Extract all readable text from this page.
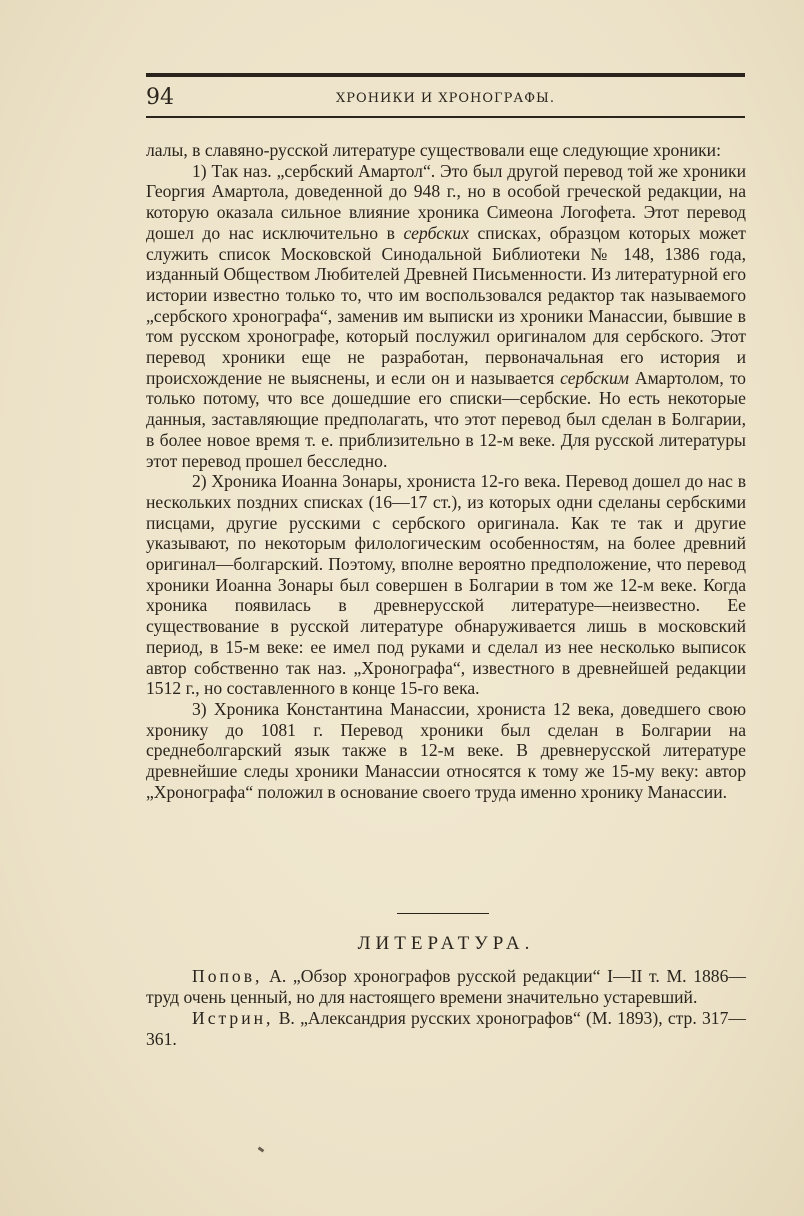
94	ХРОНИКИ И ХРОНОГРАФЫ.

лалы, в славяно-русской литературе существовали еще следующие хроники:

1) Так наз. „сербский Амартол“. Это был другой перевод той же хроники Георгия Амартола, доведенной до 948 г., но в особой греческой редакции, на которую оказала сильное влияние хроника Симеона Логофета. Этот перевод дошел до нас исключительно в сербских списках, образцом которых может служить список Московской Синодальной Библиотеки № 148, 1386 года, изданный Обществом Любителей Древней Письменности. Из литературной его истории известно только то, что им воспользовался редактор так называемого „сербского хронографа“, заменив им выписки из хроники Манассии, бывшие в том русском хронографе, который послужил оригиналом для сербского. Этот перевод хроники еще не разработан, первоначальная его история и происхождение не выяснены, и если он и называется сербским Амартолом, то только потому, что все дошедшие его списки—сербские. Но есть некоторые данныя, заставляющие предполагать, что этот перевод был сделан в Болгарии, в более новое время т. е. приблизительно в 12-м веке. Для русской литературы этот перевод прошел бесследно.

2) Хроника Иоанна Зонары, хрониста 12-го века. Перевод дошел до нас в нескольких поздних списках (16—17 ст.), из которых одни сделаны сербскими писцами, другие русскими с сербского оригинала. Как те так и другие указывают, по некоторым филологическим особенностям, на более древний оригинал—болгарский. Поэтому, вполне вероятно предположение, что перевод хроники Иоанна Зонары был совершен в Болгарии в том же 12-м веке. Когда хроника появилась в древнерусской литературе—неизвестно. Ее существование в русской литературе обнаруживается лишь в московский период, в 15-м веке: ее имел под руками и сделал из нее несколько выписок автор собственно так наз. „Хронографа“, известного в древнейшей редакции 1512 г., но составленного в конце 15-го века.

3) Хроника Константина Манассии, хрониста 12 века, доведшего свою хронику до 1081 г. Перевод хроники был сделан в Болгарии на среднеболгарский язык также в 12-м веке. В древнерусской литературе древнейшие следы хроники Манассии относятся к тому же 15-му веку: автор „Хронографа“ положил в основание своего труда именно хронику Манассии.

ЛИТЕРАТУРА.

Попов, А. „Обзор хронографов русской редакции“ I—II т. М. 1886—труд очень ценный, но для настоящего времени значительно устаревший.

Истрин, В. „Александрия русских хронографов“ (М. 1893), стр. 317—361.
